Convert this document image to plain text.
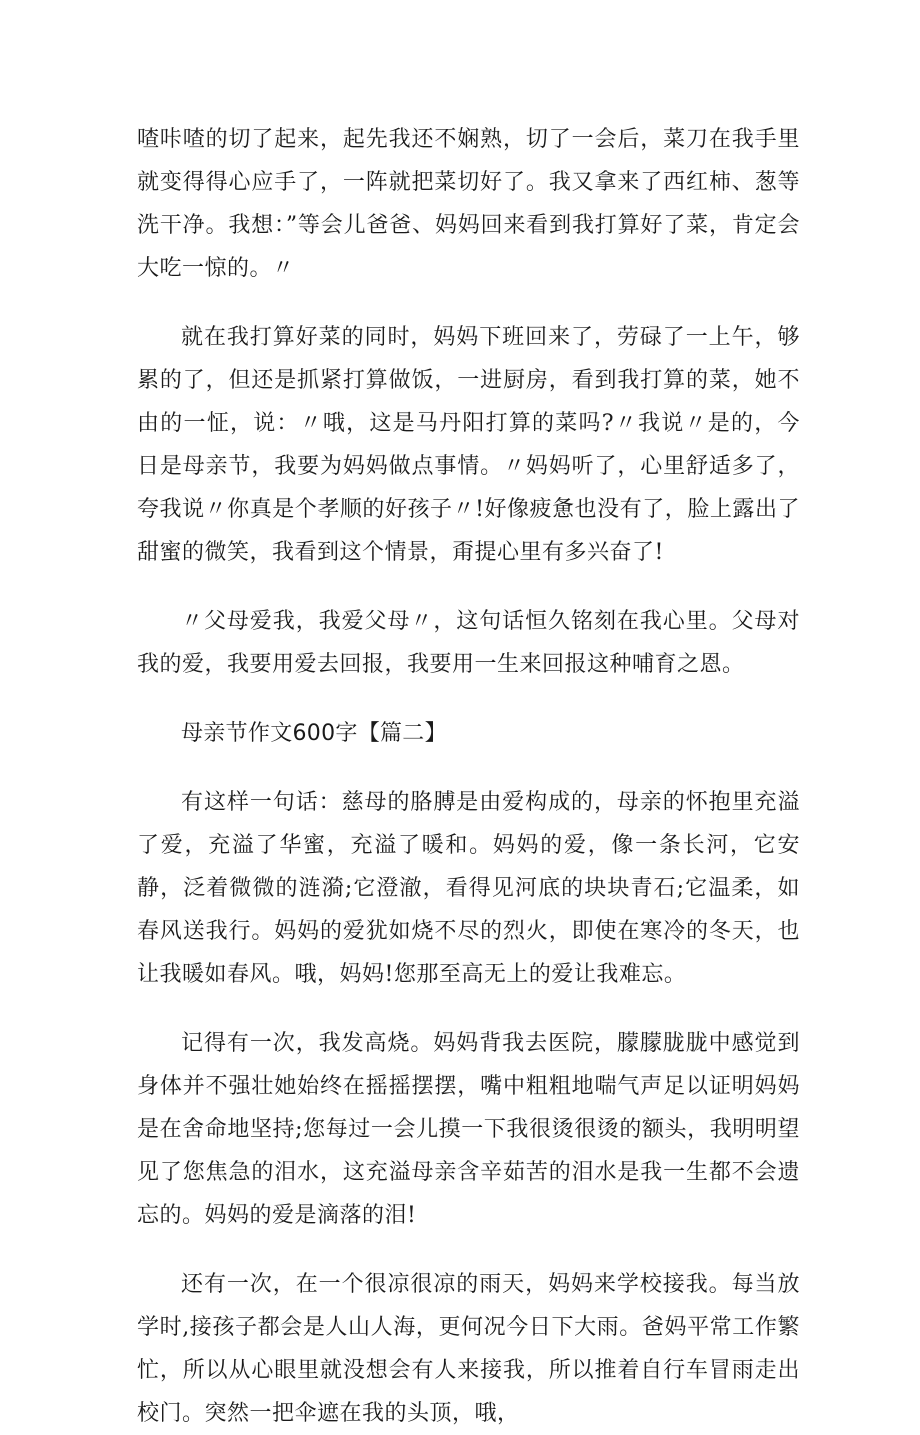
喳咔喳的切了起来，起先我还不娴熟，切了一会后，菜刀在我手里就变得得心应手了，一阵就把菜切好了。我又拿来了西红柿、葱等洗干净。我想：”等会儿爸爸、妈妈回来看到我打算好了菜，肯定会大吃一惊的。〃

就在我打算好菜的同时，妈妈下班回来了，劳碌了一上午，够累的了，但还是抓紧打算做饭，一进厨房，看到我打算的菜，她不由的一怔，说：〃哦，这是马丹阳打算的菜吗?〃我说〃是的，今日是母亲节，我要为妈妈做点事情。〃妈妈听了，心里舒适多了，夸我说〃你真是个孝顺的好孩子〃!好像疲惫也没有了，脸上露出了甜蜜的微笑，我看到这个情景，甭提心里有多兴奋了!

〃父母爱我，我爱父母〃，这句话恒久铭刻在我心里。父母对我的爱，我要用爱去回报，我要用一生来回报这种哺育之恩。

母亲节作文600字【篇二】

有这样一句话：慈母的胳膊是由爱构成的，母亲的怀抱里充溢了爱，充溢了华蜜，充溢了暖和。妈妈的爱，像一条长河，它安静，泛着微微的涟漪;它澄澈，看得见河底的块块青石;它温柔，如春风送我行。妈妈的爱犹如烧不尽的烈火，即使在寒冷的冬天，也让我暖如春风。哦，妈妈!您那至高无上的爱让我难忘。

记得有一次，我发高烧。妈妈背我去医院，朦朦胧胧中感觉到身体并不强壮她始终在摇摇摆摆，嘴中粗粗地喘气声足以证明妈妈是在舍命地坚持;您每过一会儿摸一下我很烫很烫的额头，我明明望见了您焦急的泪水，这充溢母亲含辛茹苦的泪水是我一生都不会遗忘的。妈妈的爱是滴落的泪!

还有一次，在一个很凉很凉的雨天，妈妈来学校接我。每当放学时,接孩子都会是人山人海，更何况今日下大雨。爸妈平常工作繁忙，所以从心眼里就没想会有人来接我，所以推着自行车冒雨走出校门。突然一把伞遮在我的头顶，哦，
